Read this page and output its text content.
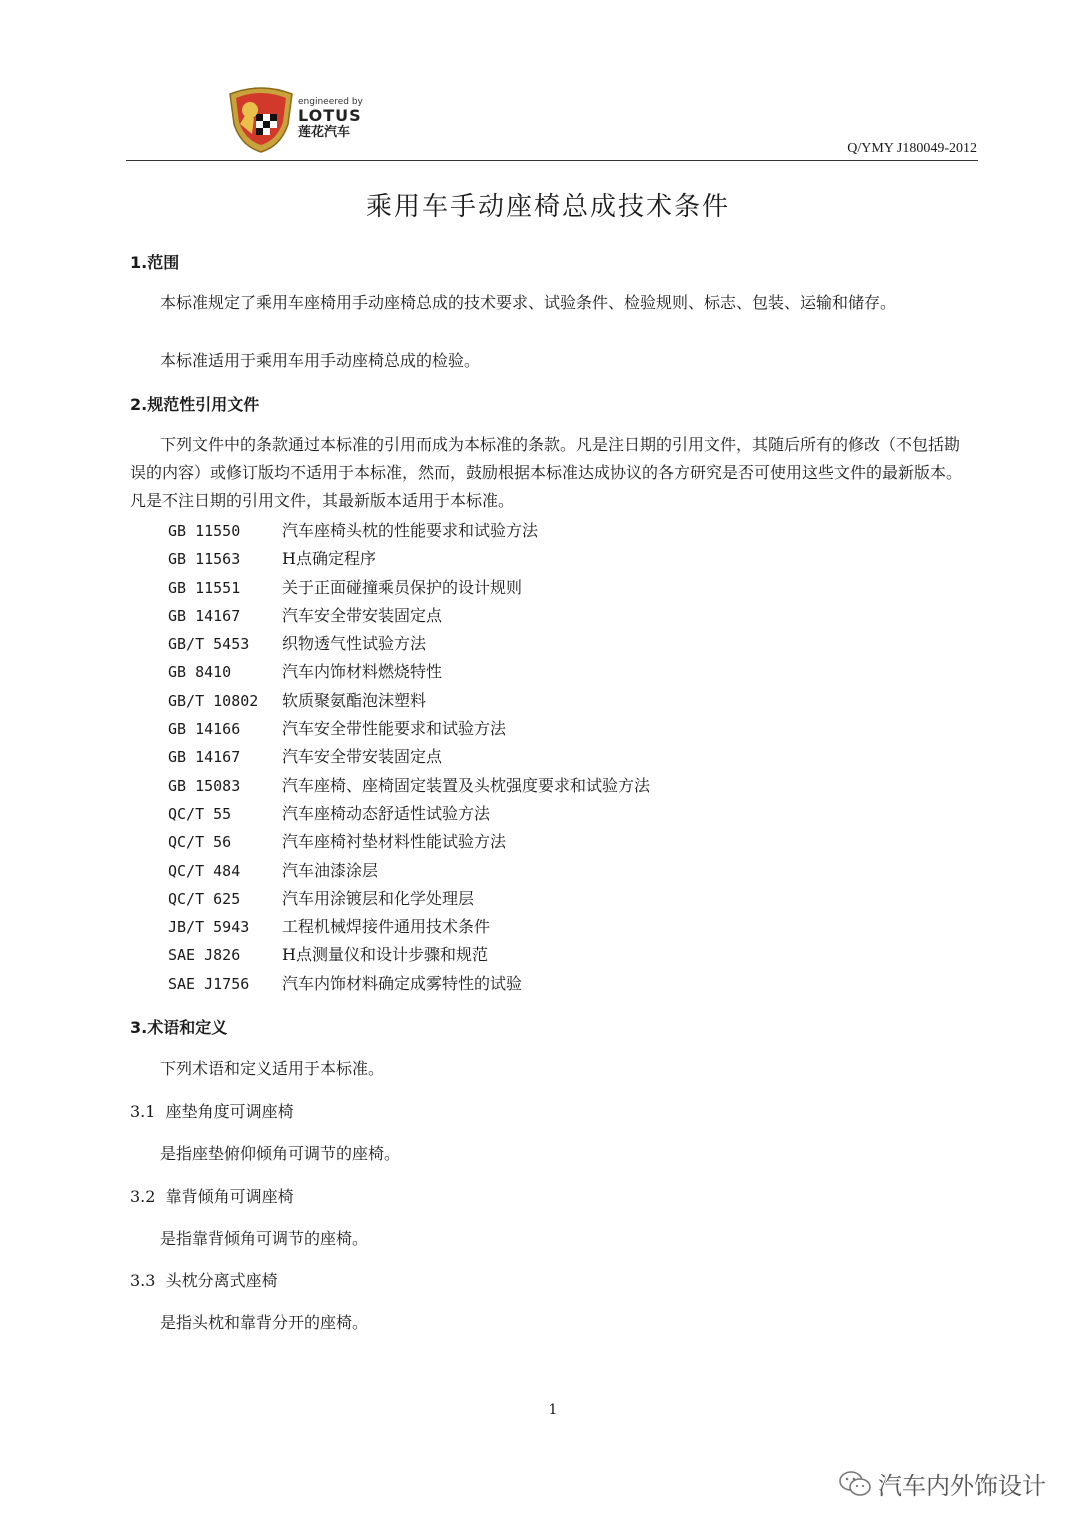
engineered by
LOTUS
莲花汽车
Q/YMY J180049-2012
乘用车手动座椅总成技术条件
1.范围
本标准规定了乘用车座椅用手动座椅总成的技术要求、试验条件、检验规则、标志、包装、运输和储存。
本标准适用于乘用车用手动座椅总成的检验。
2.规范性引用文件
下列文件中的条款通过本标准的引用而成为本标准的条款。凡是注日期的引用文件，其随后所有的修改（不包括勘误的内容）或修订版均不适用于本标准，然而，鼓励根据本标准达成协议的各方研究是否可使用这些文件的最新版本。凡是不注日期的引用文件，其最新版本适用于本标准。
GB 11550	汽车座椅头枕的性能要求和试验方法
GB 11563	H点确定程序
GB 11551	关于正面碰撞乘员保护的设计规则
GB 14167	汽车安全带安装固定点
GB/T 5453 织物透气性试验方法
GB 8410	汽车内饰材料燃烧特性
GB/T 10802 软质聚氨酯泡沫塑料
GB 14166	汽车安全带性能要求和试验方法
GB 14167	汽车安全带安装固定点
GB 15083	汽车座椅、座椅固定装置及头枕强度要求和试验方法
QC/T 55	汽车座椅动态舒适性试验方法
QC/T 56	汽车座椅衬垫材料性能试验方法
QC/T 484	汽车油漆涂层
QC/T 625	汽车用涂镀层和化学处理层
JB/T 5943 工程机械焊接件通用技术条件
SAE J826	H点测量仪和设计步骤和规范
SAE J1756 汽车内饰材料确定成雾特性的试验
3.术语和定义
下列术语和定义适用于本标准。
3.1 座垫角度可调座椅
是指座垫俯仰倾角可调节的座椅。
3.2 靠背倾角可调座椅
是指靠背倾角可调节的座椅。
3.3 头枕分离式座椅
是指头枕和靠背分开的座椅。
1
汽车内外饰设计
